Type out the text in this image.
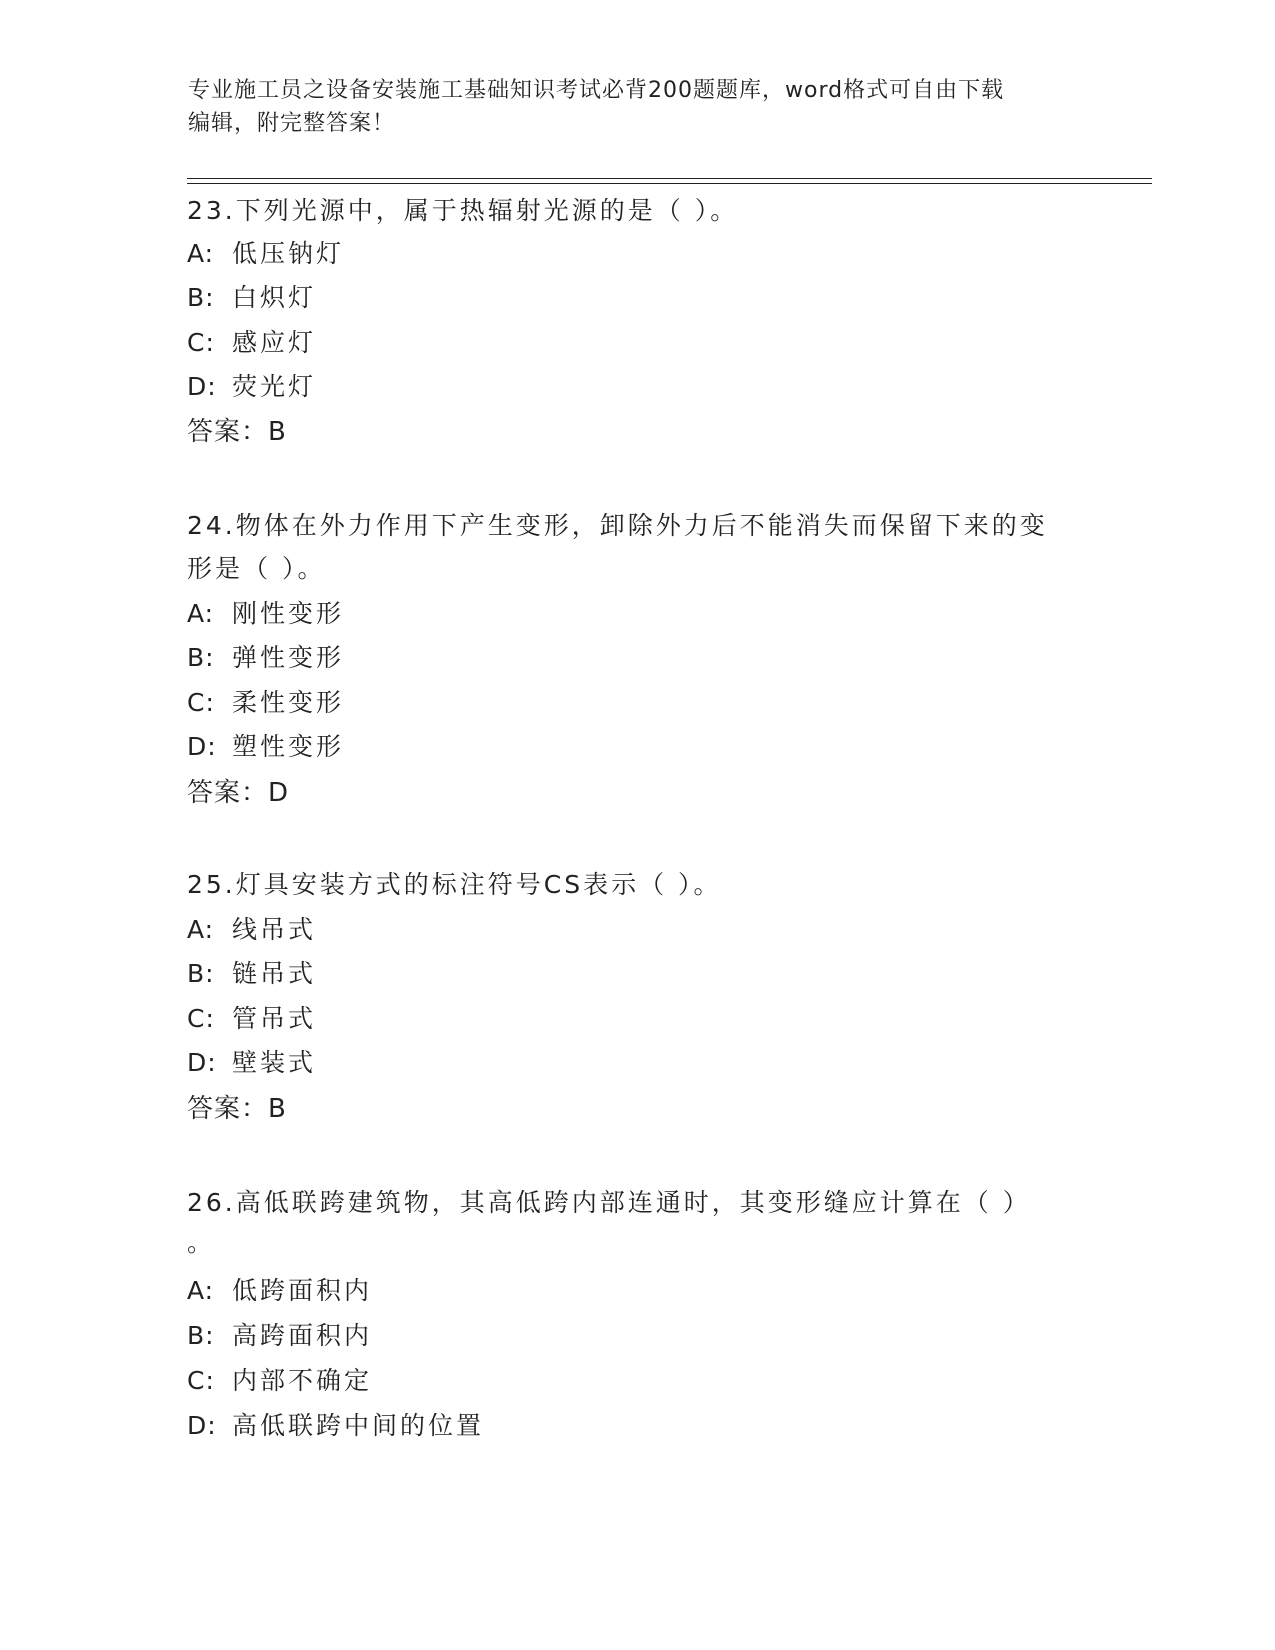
专业施工员之设备安装施工基础知识考试必背200题题库，word格式可自由下载
编辑，附完整答案！
23.下列光源中，属于热辐射光源的是（ ）。
A: 低压钠灯
B: 白炽灯
C: 感应灯
D: 荧光灯
答案：B
24.物体在外力作用下产生变形，卸除外力后不能消失而保留下来的变
形是（ ）。
A: 刚性变形
B: 弹性变形
C: 柔性变形
D: 塑性变形
答案：D
25.灯具安装方式的标注符号CS表示（ ）。
A: 线吊式
B: 链吊式
C: 管吊式
D: 壁装式
答案：B
26.高低联跨建筑物，其高低跨内部连通时，其变形缝应计算在（ ）
。
A: 低跨面积内
B: 高跨面积内
C: 内部不确定
D: 高低联跨中间的位置
